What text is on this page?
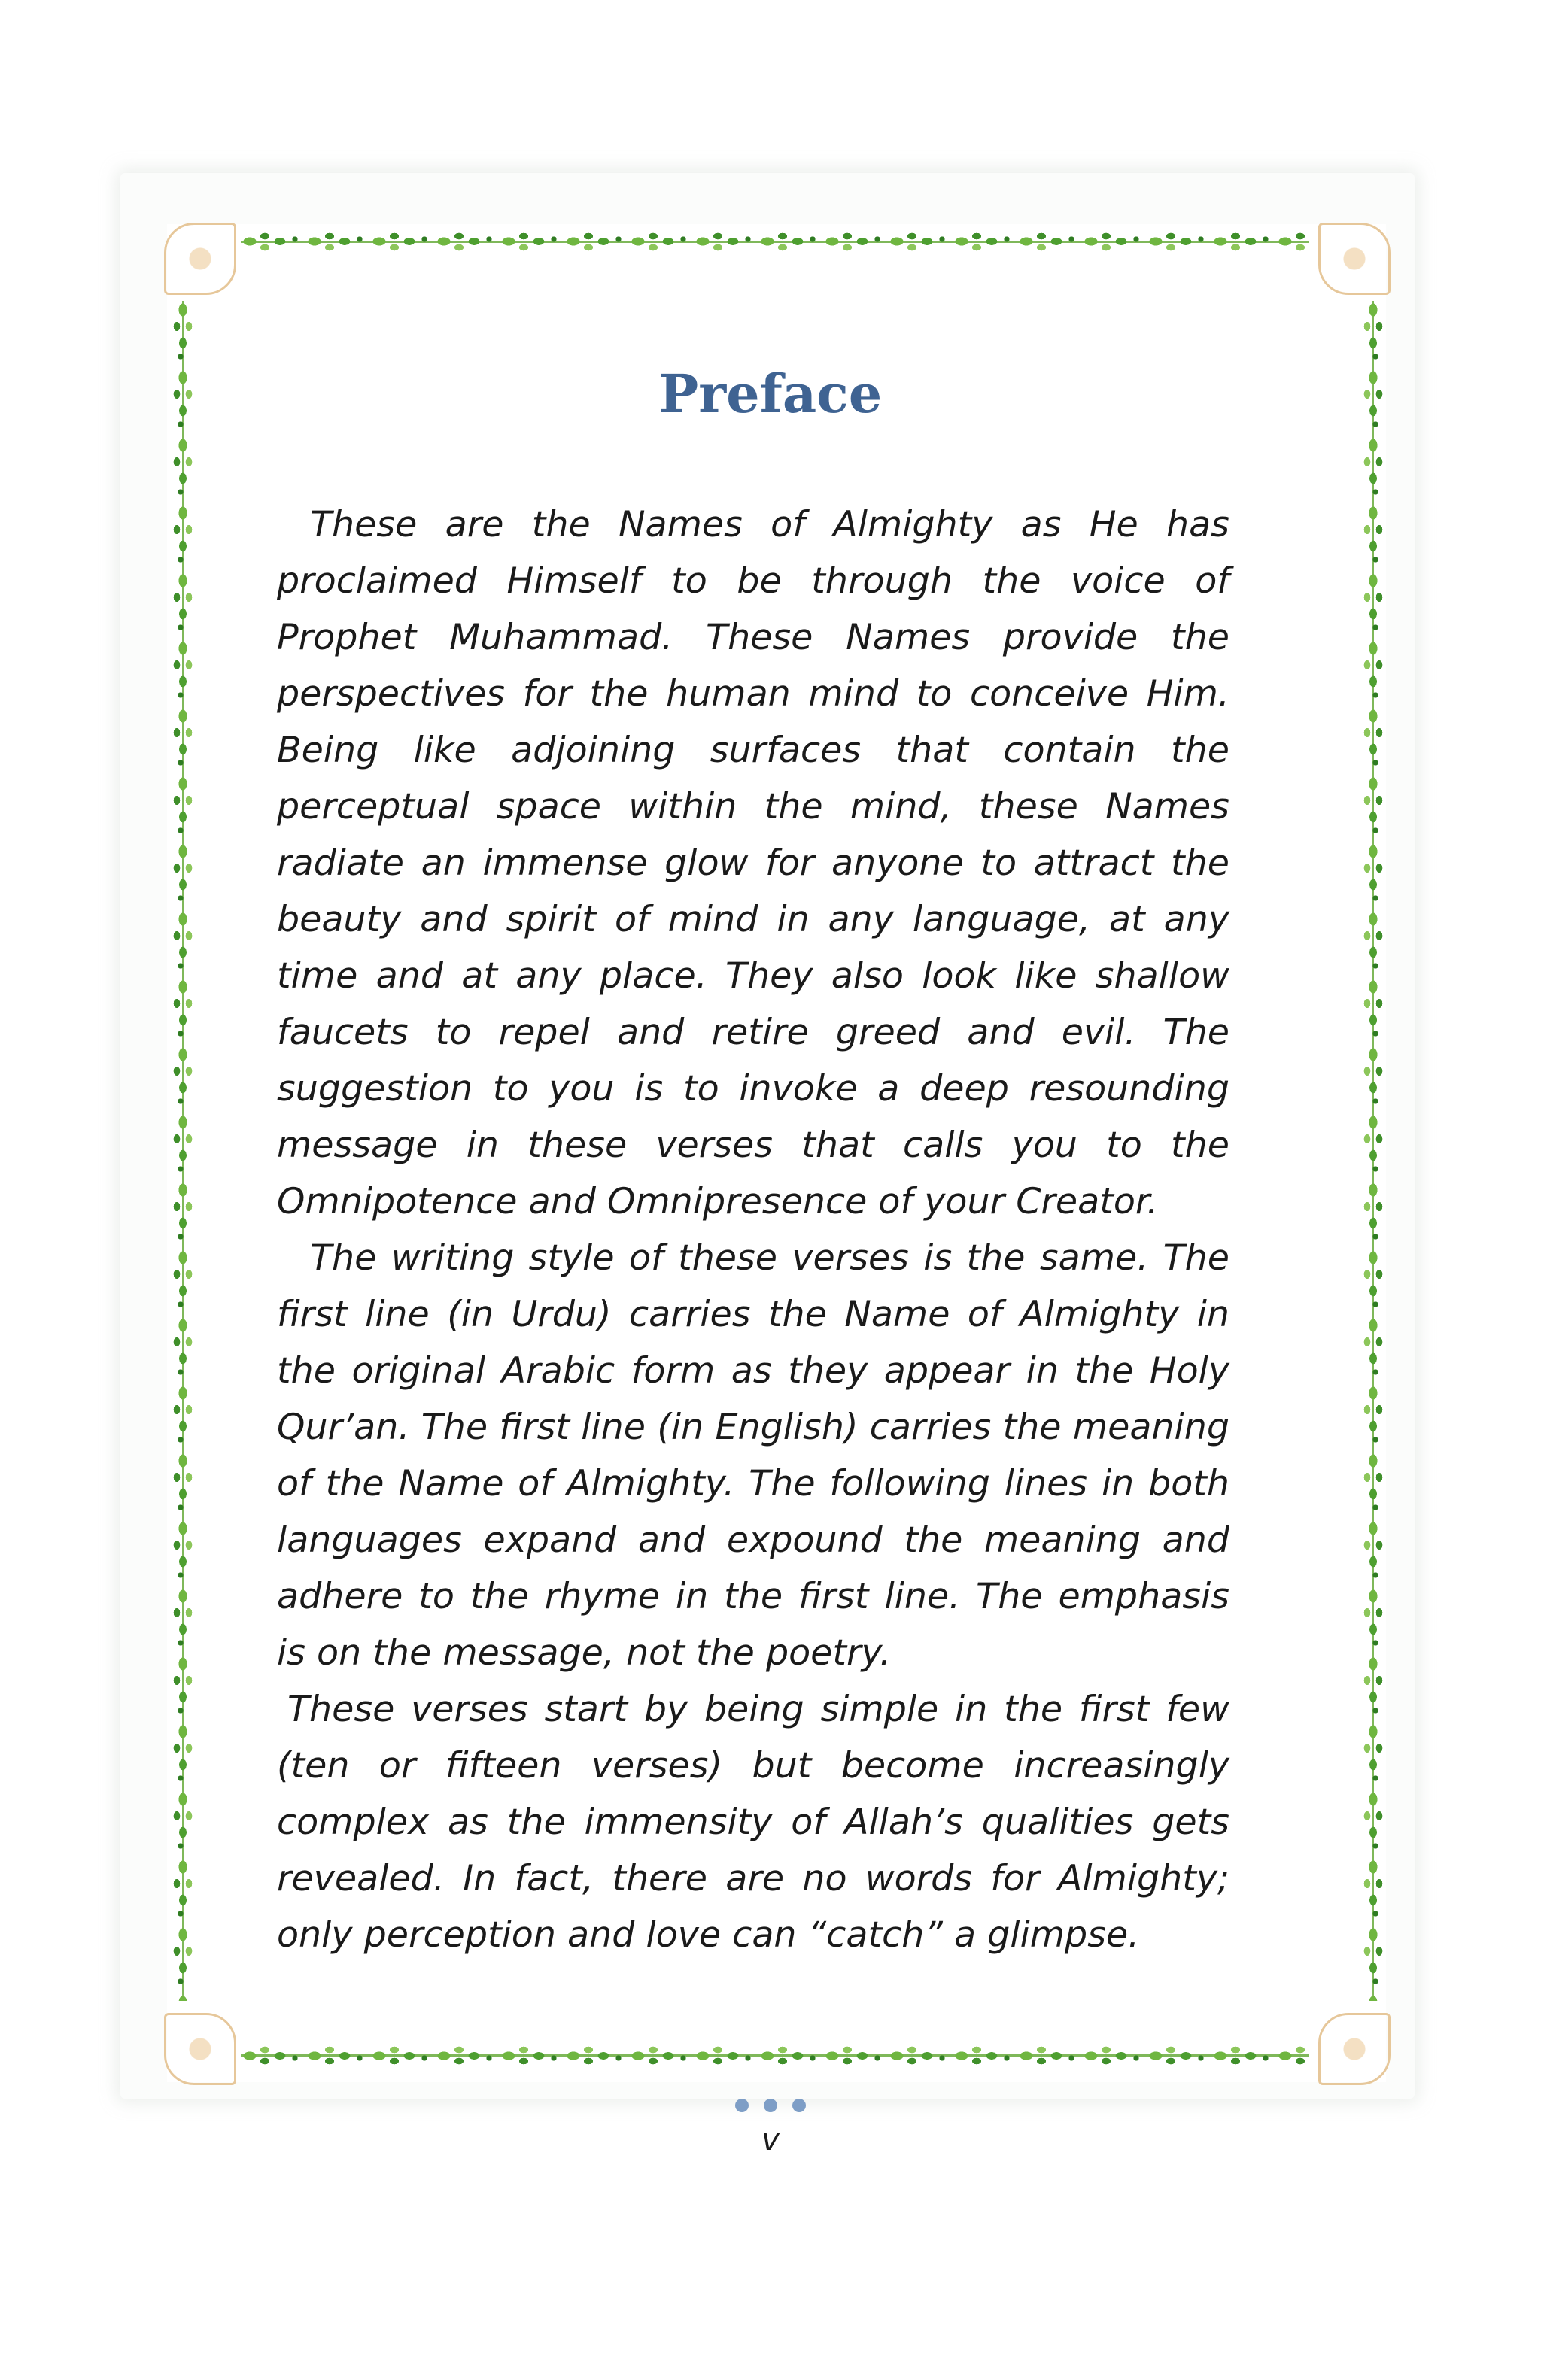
Preface

These are the Names of Almighty as He has proclaimed Himself to be through the voice of Prophet Muhammad. These Names provide the perspectives for the human mind to conceive Him. Being like adjoining surfaces that contain the perceptual space within the mind, these Names radiate an immense glow for anyone to attract the beauty and spirit of mind in any language, at any time and at any place. They also look like shallow faucets to repel and retire greed and evil. The suggestion to you is to invoke a deep resounding message in these verses that calls you to the Omnipotence and Omnipresence of your Creator.

The writing style of these verses is the same. The first line (in Urdu) carries the Name of Almighty in the original Arabic form as they appear in the Holy Qur’an. The first line (in English) carries the meaning of the Name of Almighty. The following lines in both languages expand and expound the meaning and adhere to the rhyme in the first line. The emphasis is on the message, not the poetry.

These verses start by being simple in the first few (ten or fifteen verses) but become increasingly complex as the immensity of Allah’s qualities gets revealed. In fact, there are no words for Almighty; only perception and love can “catch” a glimpse.

v
